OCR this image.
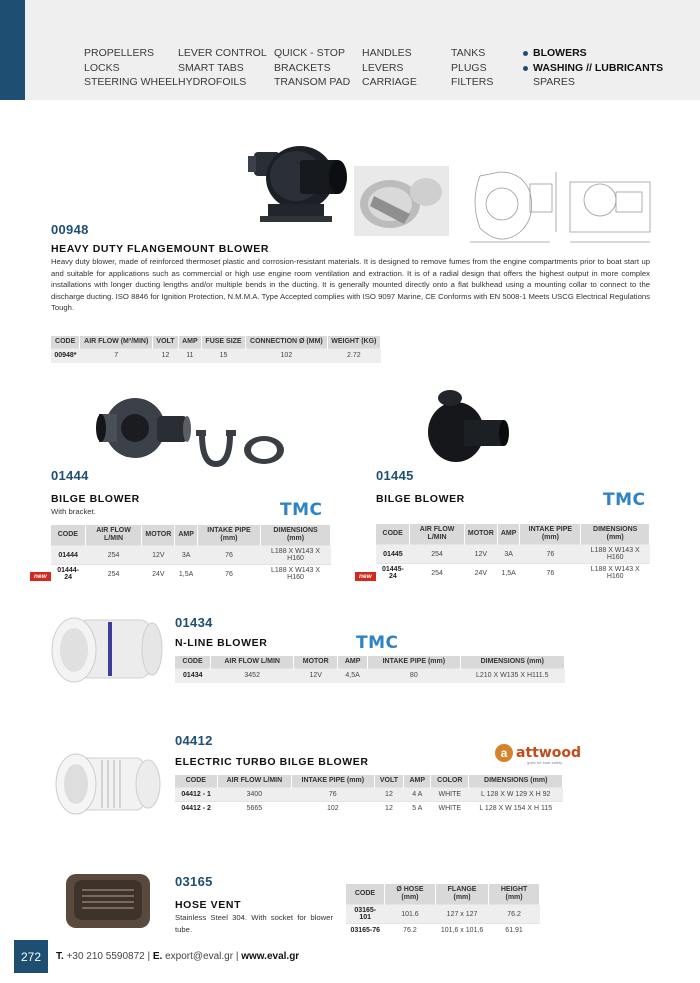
PROPELLERS
LOCKS
STEERING WHEEL
LEVER CONTROL
SMART TABS
HYDROFOILS
QUICK - STOP
BRACKETS
TRANSOM PAD
HANDLES
LEVERS
CARRIAGE
TANKS
PLUGS
FILTERS
BLOWERS
WASHING // LUBRICANTS
SPARES
00948
HEAVY DUTY FLANGEMOUNT BLOWER
Heavy duty blower, made of reinforced thermoset plastic and corrosion-resistant materials. It is designed to remove fumes from the engine compartments prior to boat start up and suitable for applications such as commercial or high use engine room ventilation and extraction. It is of a radial design that offers the highest output in more complex installations with longer ducting lengths and/or multiple bends in the ducting. It is generally mounted directly onto a flat bulkhead using a mounting collar to connect to the discharge ducting. ISO 8846 for Ignition Protection, N.M.M.A. Type Accepted complies with ISO 9097 Marine, CE Conforms with EN 5008-1 Meets USCG Electrical Regulations Tough.
CODE	AIR FLOW (M³/MIN)	VOLT	AMP	FUSE SIZE	CONNECTION Ø (MM)	WEIGHT (KG)
00948*	7	12	11	15	102	2.72
01444
BILGE BLOWER
With bracket.	TMC
CODE	AIR FLOW L/MIN	MOTOR	AMP	INTAKE PIPE (mm)	DIMENSIONS (mm)
01444	254	12V	3A	76	L188 X W143 X H160
01444-24	254	24V	1,5A	76	L188 X W143 X H160
new
01445
BILGE BLOWER	TMC
CODE	AIR FLOW L/MIN	MOTOR	AMP	INTAKE PIPE (mm)	DIMENSIONS (mm)
01445	254	12V	3A	76	L188 X W143 X H160
01445-24	254	24V	1,5A	76	L188 X W143 X H160
new
01434
N-LINE BLOWER	TMC
CODE	AIR FLOW L/MIN	MOTOR	AMP	INTAKE PIPE (mm)	DIMENSIONS (mm)
01434	3452	12V	4,5A	80	L210 X W135 X H111.5
04412
ELECTRIC TURBO BILGE BLOWER
a attwood
goes for boat safety
CODE	AIR FLOW L/MIN	INTAKE PIPE (mm)	VOLT	AMP	COLOR	DIMENSIONS (mm)
04412 - 1	3400	76	12	4 A	WHITE	L 128 X W 129 X H 92
04412 - 2	5665	102	12	5 A	WHITE	L 128 X W 154 X H 115
03165
HOSE VENT
Stainless Steel 304. With socket for blower tube.
CODE	Ø HOSE (mm)	FLANGE (mm)	HEIGHT (mm)
03165-101	101.6	127 x 127	76.2
03165-76	76.2	101,6 x 101,6	61.91
272	T. +30 210 5590872 | E. export@eval.gr | www.eval.gr
